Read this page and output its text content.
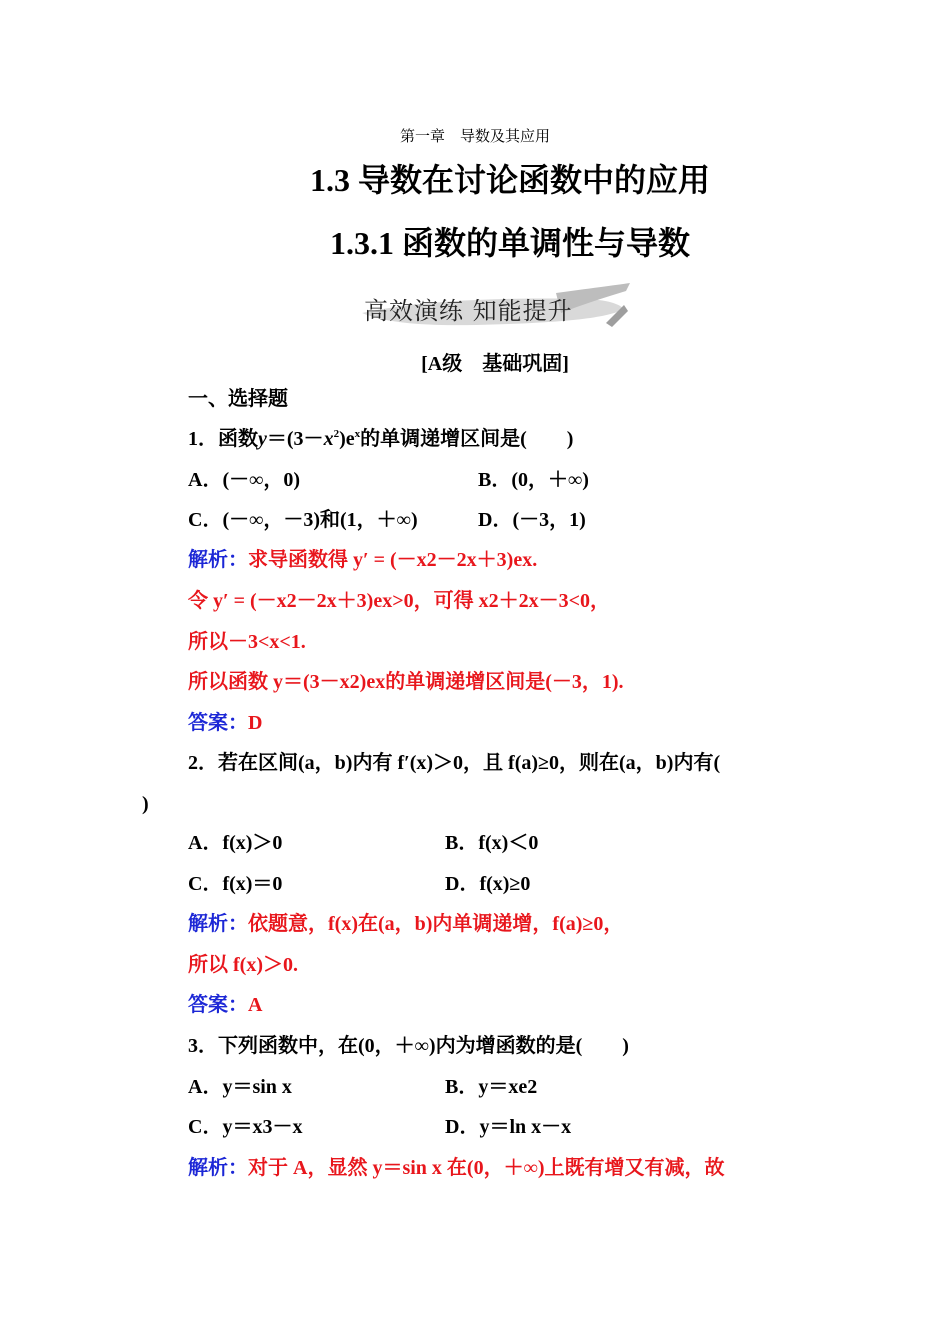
第一章　导数及其应用
1.3 导数在讨论函数中的应用
1.3.1 函数的单调性与导数
高效演练 知能提升
[A级　基础巩固]
一、选择题
1．函数$y=(3-x^2)e^x$的单调递增区间是(　　)
A．(－∞，0)	B．(0，＋∞)
C．(－∞，－3)和(1，＋∞)	D．(－3，1)
解析：求导函数得 y′ = (－x2－2x＋3)ex.
令 y′ = (－x2－2x＋3)ex>0，可得 x2＋2x－3<0，
所以－3<x<1.
所以函数 y＝(3－x2)ex的单调递增区间是(－3，1).
答案：D
2．若在区间(a，b)内有 f′(x)＞0，且 f(a)≥0，则在(a，b)内有(
)
A．f(x)＞0	B．f(x)＜0
C．f(x)＝0	D．f(x)≥0
解析：依题意，f(x)在(a，b)内单调递增，f(a)≥0，
所以 f(x)＞0.
答案：A
3．下列函数中，在(0，＋∞)内为增函数的是(　　)
A．y＝sin x	B．y＝xe2
C．y＝x3－x	D．y＝ln x－x
解析：对于 A，显然 y＝sin x 在(0，＋∞)上既有增又有减，故
